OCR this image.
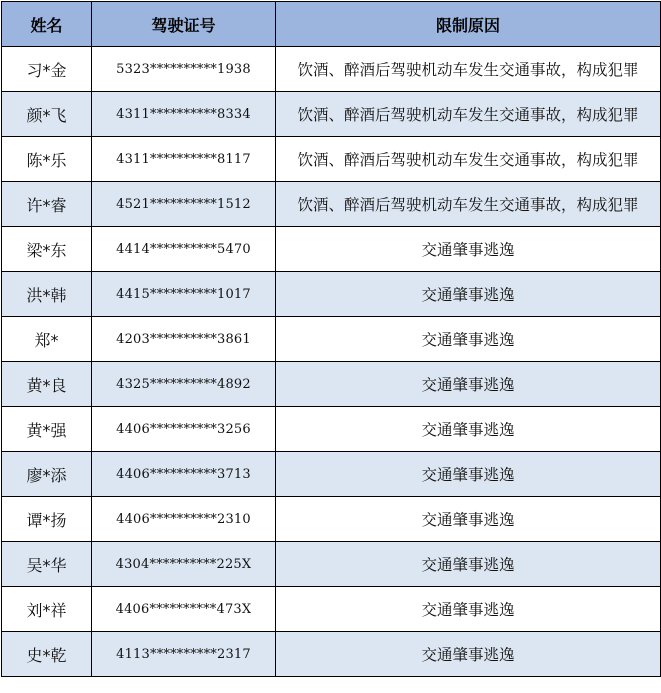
姓名	驾驶证号	限制原因
习*金	5323**********1938	饮酒、醉酒后驾驶机动车发生交通事故，构成犯罪
颜*飞	4311**********8334	饮酒、醉酒后驾驶机动车发生交通事故，构成犯罪
陈*乐	4311**********8117	饮酒、醉酒后驾驶机动车发生交通事故，构成犯罪
许*睿	4521**********1512	饮酒、醉酒后驾驶机动车发生交通事故，构成犯罪
梁*东	4414**********5470	交通肇事逃逸
洪*韩	4415**********1017	交通肇事逃逸
郑*	4203**********3861	交通肇事逃逸
黄*良	4325**********4892	交通肇事逃逸
黄*强	4406**********3256	交通肇事逃逸
廖*添	4406**********3713	交通肇事逃逸
谭*扬	4406**********2310	交通肇事逃逸
吴*华	4304**********225X	交通肇事逃逸
刘*祥	4406**********473X	交通肇事逃逸
史*乾	4113**********2317	交通肇事逃逸
